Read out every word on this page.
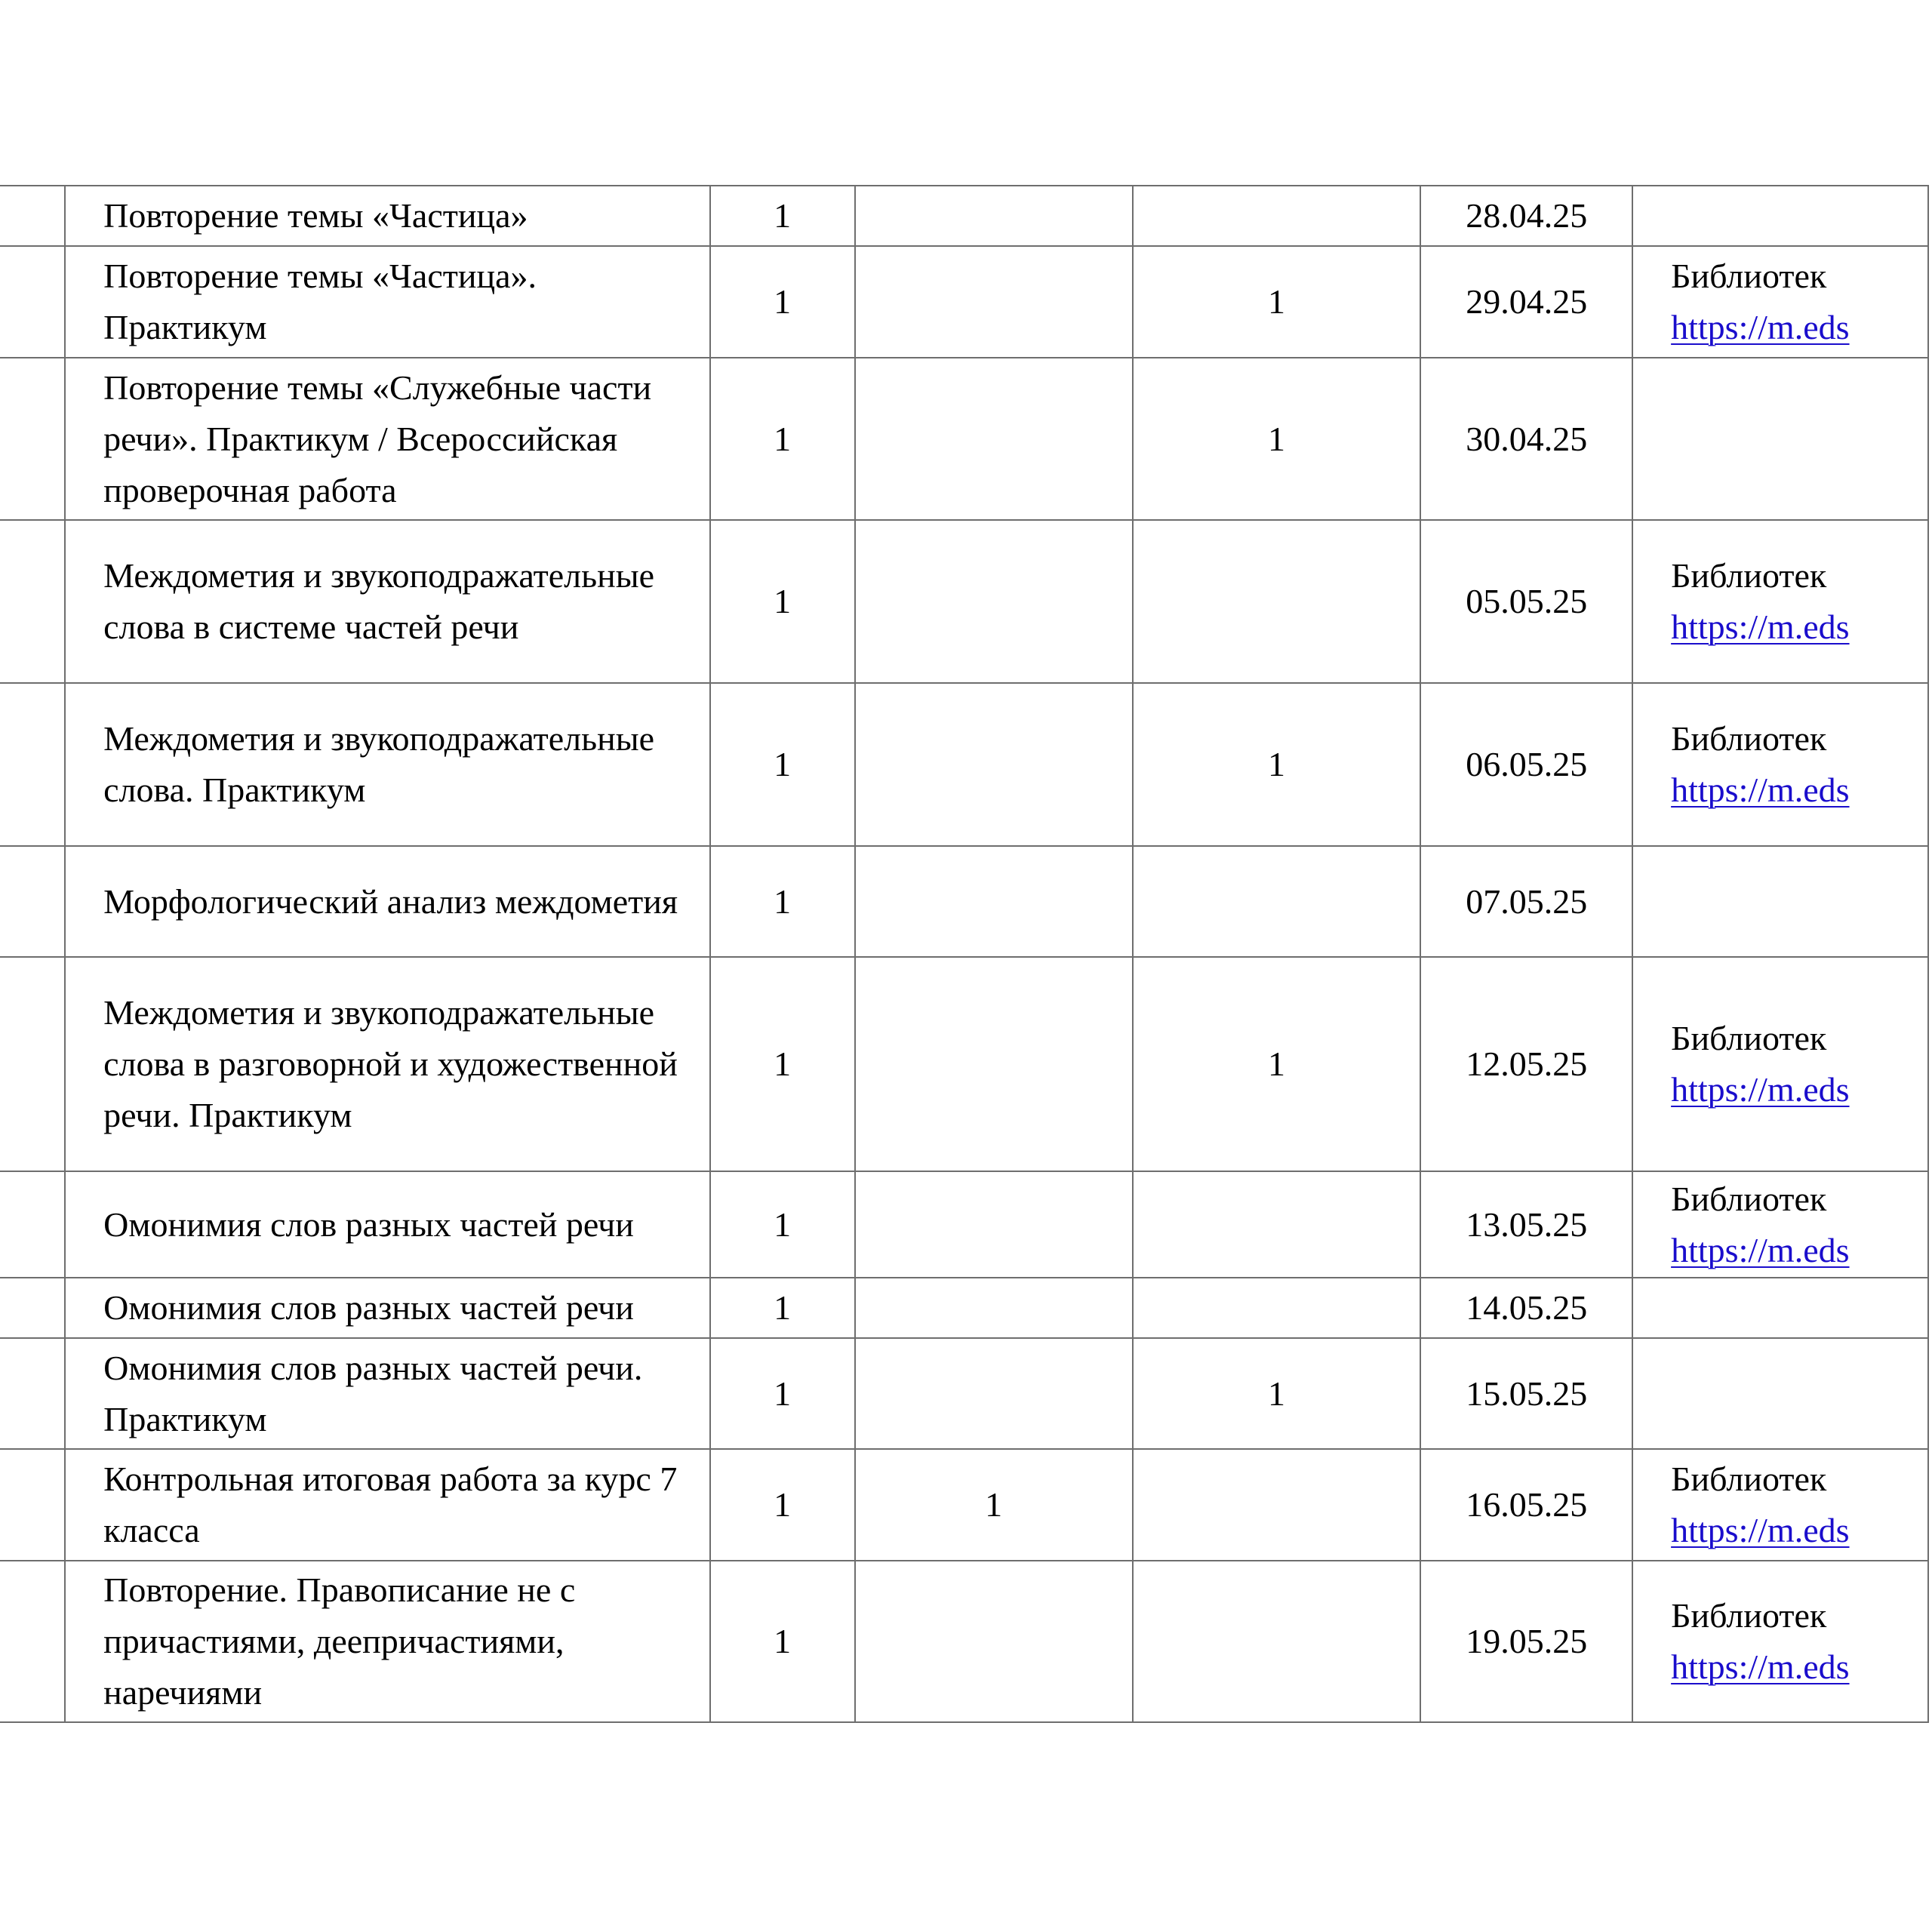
	Повторение темы «Частица»	1			28.04.25	

	Повторение темы «Частица». Практикум	1		1	29.04.25	Библиотек
https://m.eds

	Повторение темы «Служебные части речи». Практикум / Всероссийская проверочная работа	1		1	30.04.25	

	Междометия и звукоподражательные слова в системе частей речи	1			05.05.25	Библиотек
https://m.eds

	Междометия и звукоподражательные слова. Практикум	1		1	06.05.25	Библиотек
https://m.eds

	Морфологический анализ междометия	1			07.05.25	

	Междометия и звукоподражательные слова в разговорной и художественной речи. Практикум	1		1	12.05.25	Библиотек
https://m.eds

	Омонимия слов разных частей речи	1			13.05.25	Библиотек
https://m.eds

	Омонимия слов разных частей речи	1			14.05.25	

	Омонимия слов разных частей речи. Практикум	1		1	15.05.25	

	Контрольная итоговая работа за курс 7 класса	1	1		16.05.25	Библиотек
https://m.eds

	Повторение. Правописание не с причастиями, деепричастиями, наречиями	1			19.05.25	Библиотек
https://m.eds
